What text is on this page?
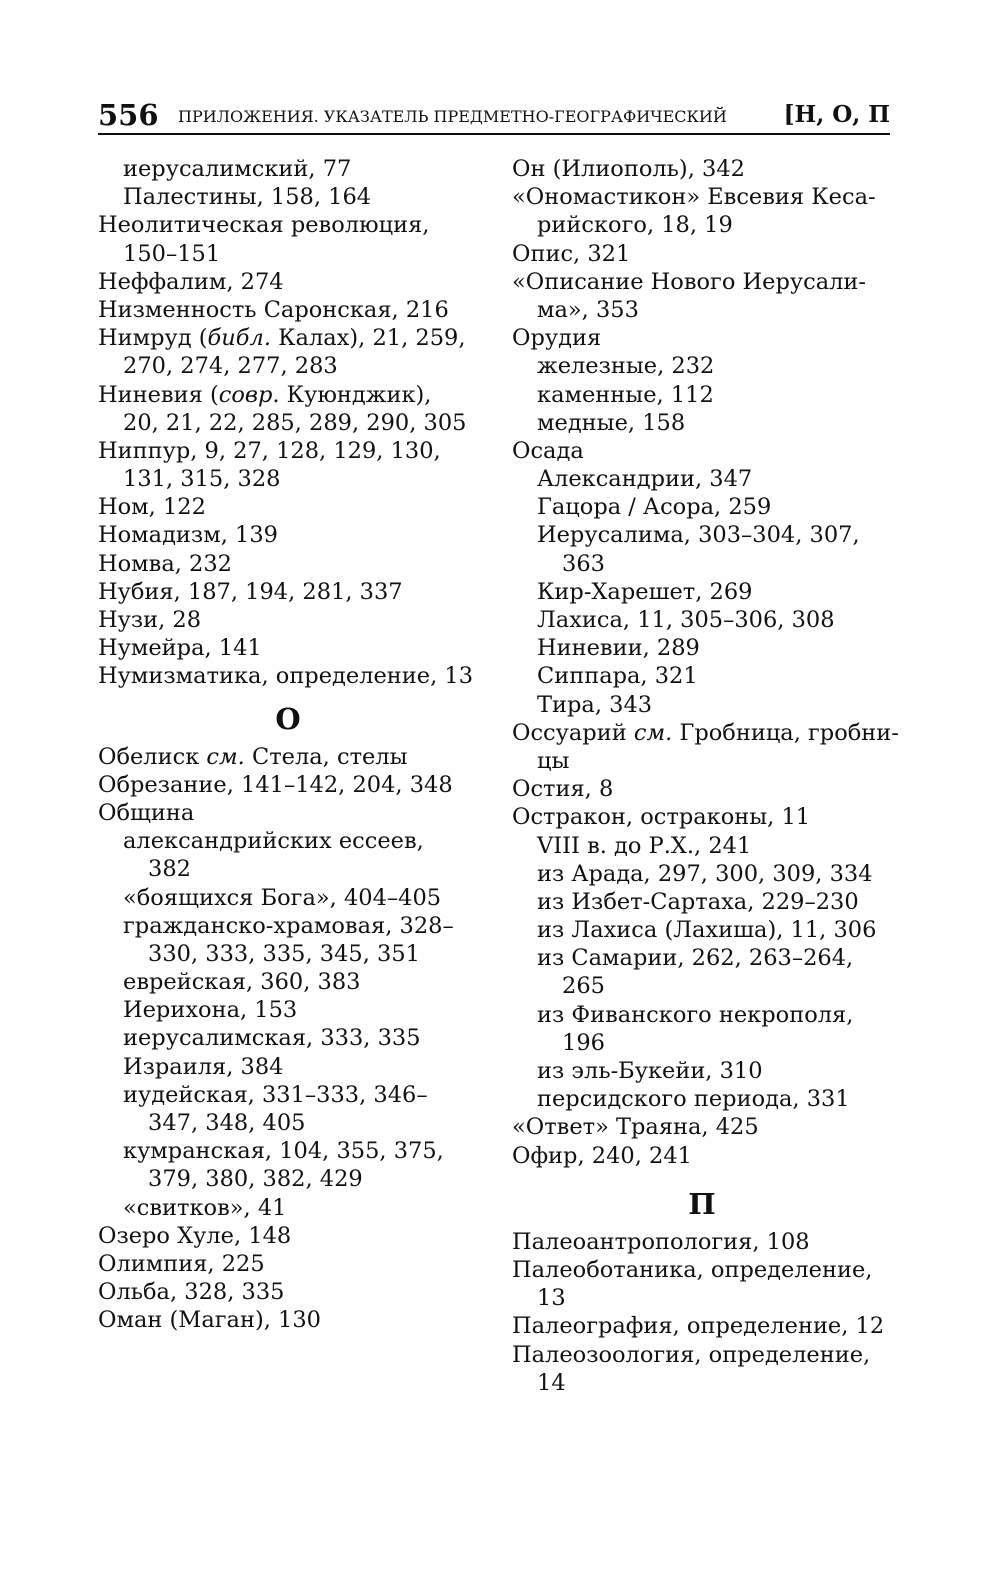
556 ПРИЛОЖЕНИЯ. УКАЗАТЕЛЬ ПРЕДМЕТНО-ГЕОГРАФИЧЕСКИЙ [Н, О, П
иерусалимский, 77
Палестины, 158, 164
Неолитическая революция,
150–151
Неффалим, 274
Низменность Саронская, 216
Нимруд (библ. Калах), 21, 259,
270, 274, 277, 283
Ниневия (совр. Куюнджик),
20, 21, 22, 285, 289, 290, 305
Ниппур, 9, 27, 128, 129, 130,
131, 315, 328
Ном, 122
Номадизм, 139
Номва, 232
Нубия, 187, 194, 281, 337
Нузи, 28
Нумейра, 141
Нумизматика, определение, 13
О
Обелиск см. Стела, стелы
Обрезание, 141–142, 204, 348
Община
александрийских ессеев,
382
«боящихся Бога», 404–405
гражданско-храмовая, 328–
330, 333, 335, 345, 351
еврейская, 360, 383
Иерихона, 153
иерусалимская, 333, 335
Израиля, 384
иудейская, 331–333, 346–
347, 348, 405
кумранская, 104, 355, 375,
379, 380, 382, 429
«свитков», 41
Озеро Хуле, 148
Олимпия, 225
Ольба, 328, 335
Оман (Маган), 130
Он (Илиополь), 342
«Ономастикон» Евсевия Кеса-
рийского, 18, 19
Опис, 321
«Описание Нового Иерусали-
ма», 353
Орудия
железные, 232
каменные, 112
медные, 158
Осада
Александрии, 347
Гацора / Асора, 259
Иерусалима, 303–304, 307,
363
Кир-Харешет, 269
Лахиса, 11, 305–306, 308
Ниневии, 289
Сиппара, 321
Тира, 343
Оссуарий см. Гробница, гробни-
цы
Остия, 8
Остракон, остраконы, 11
VIII в. до Р.Х., 241
из Арада, 297, 300, 309, 334
из Избет-Сартаха, 229–230
из Лахиса (Лахиша), 11, 306
из Самарии, 262, 263–264,
265
из Фиванского некрополя,
196
из эль-Букейи, 310
персидского периода, 331
«Ответ» Траяна, 425
Офир, 240, 241
П
Палеоантропология, 108
Палеоботаника, определение,
13
Палеография, определение, 12
Палеозоология, определение,
14
